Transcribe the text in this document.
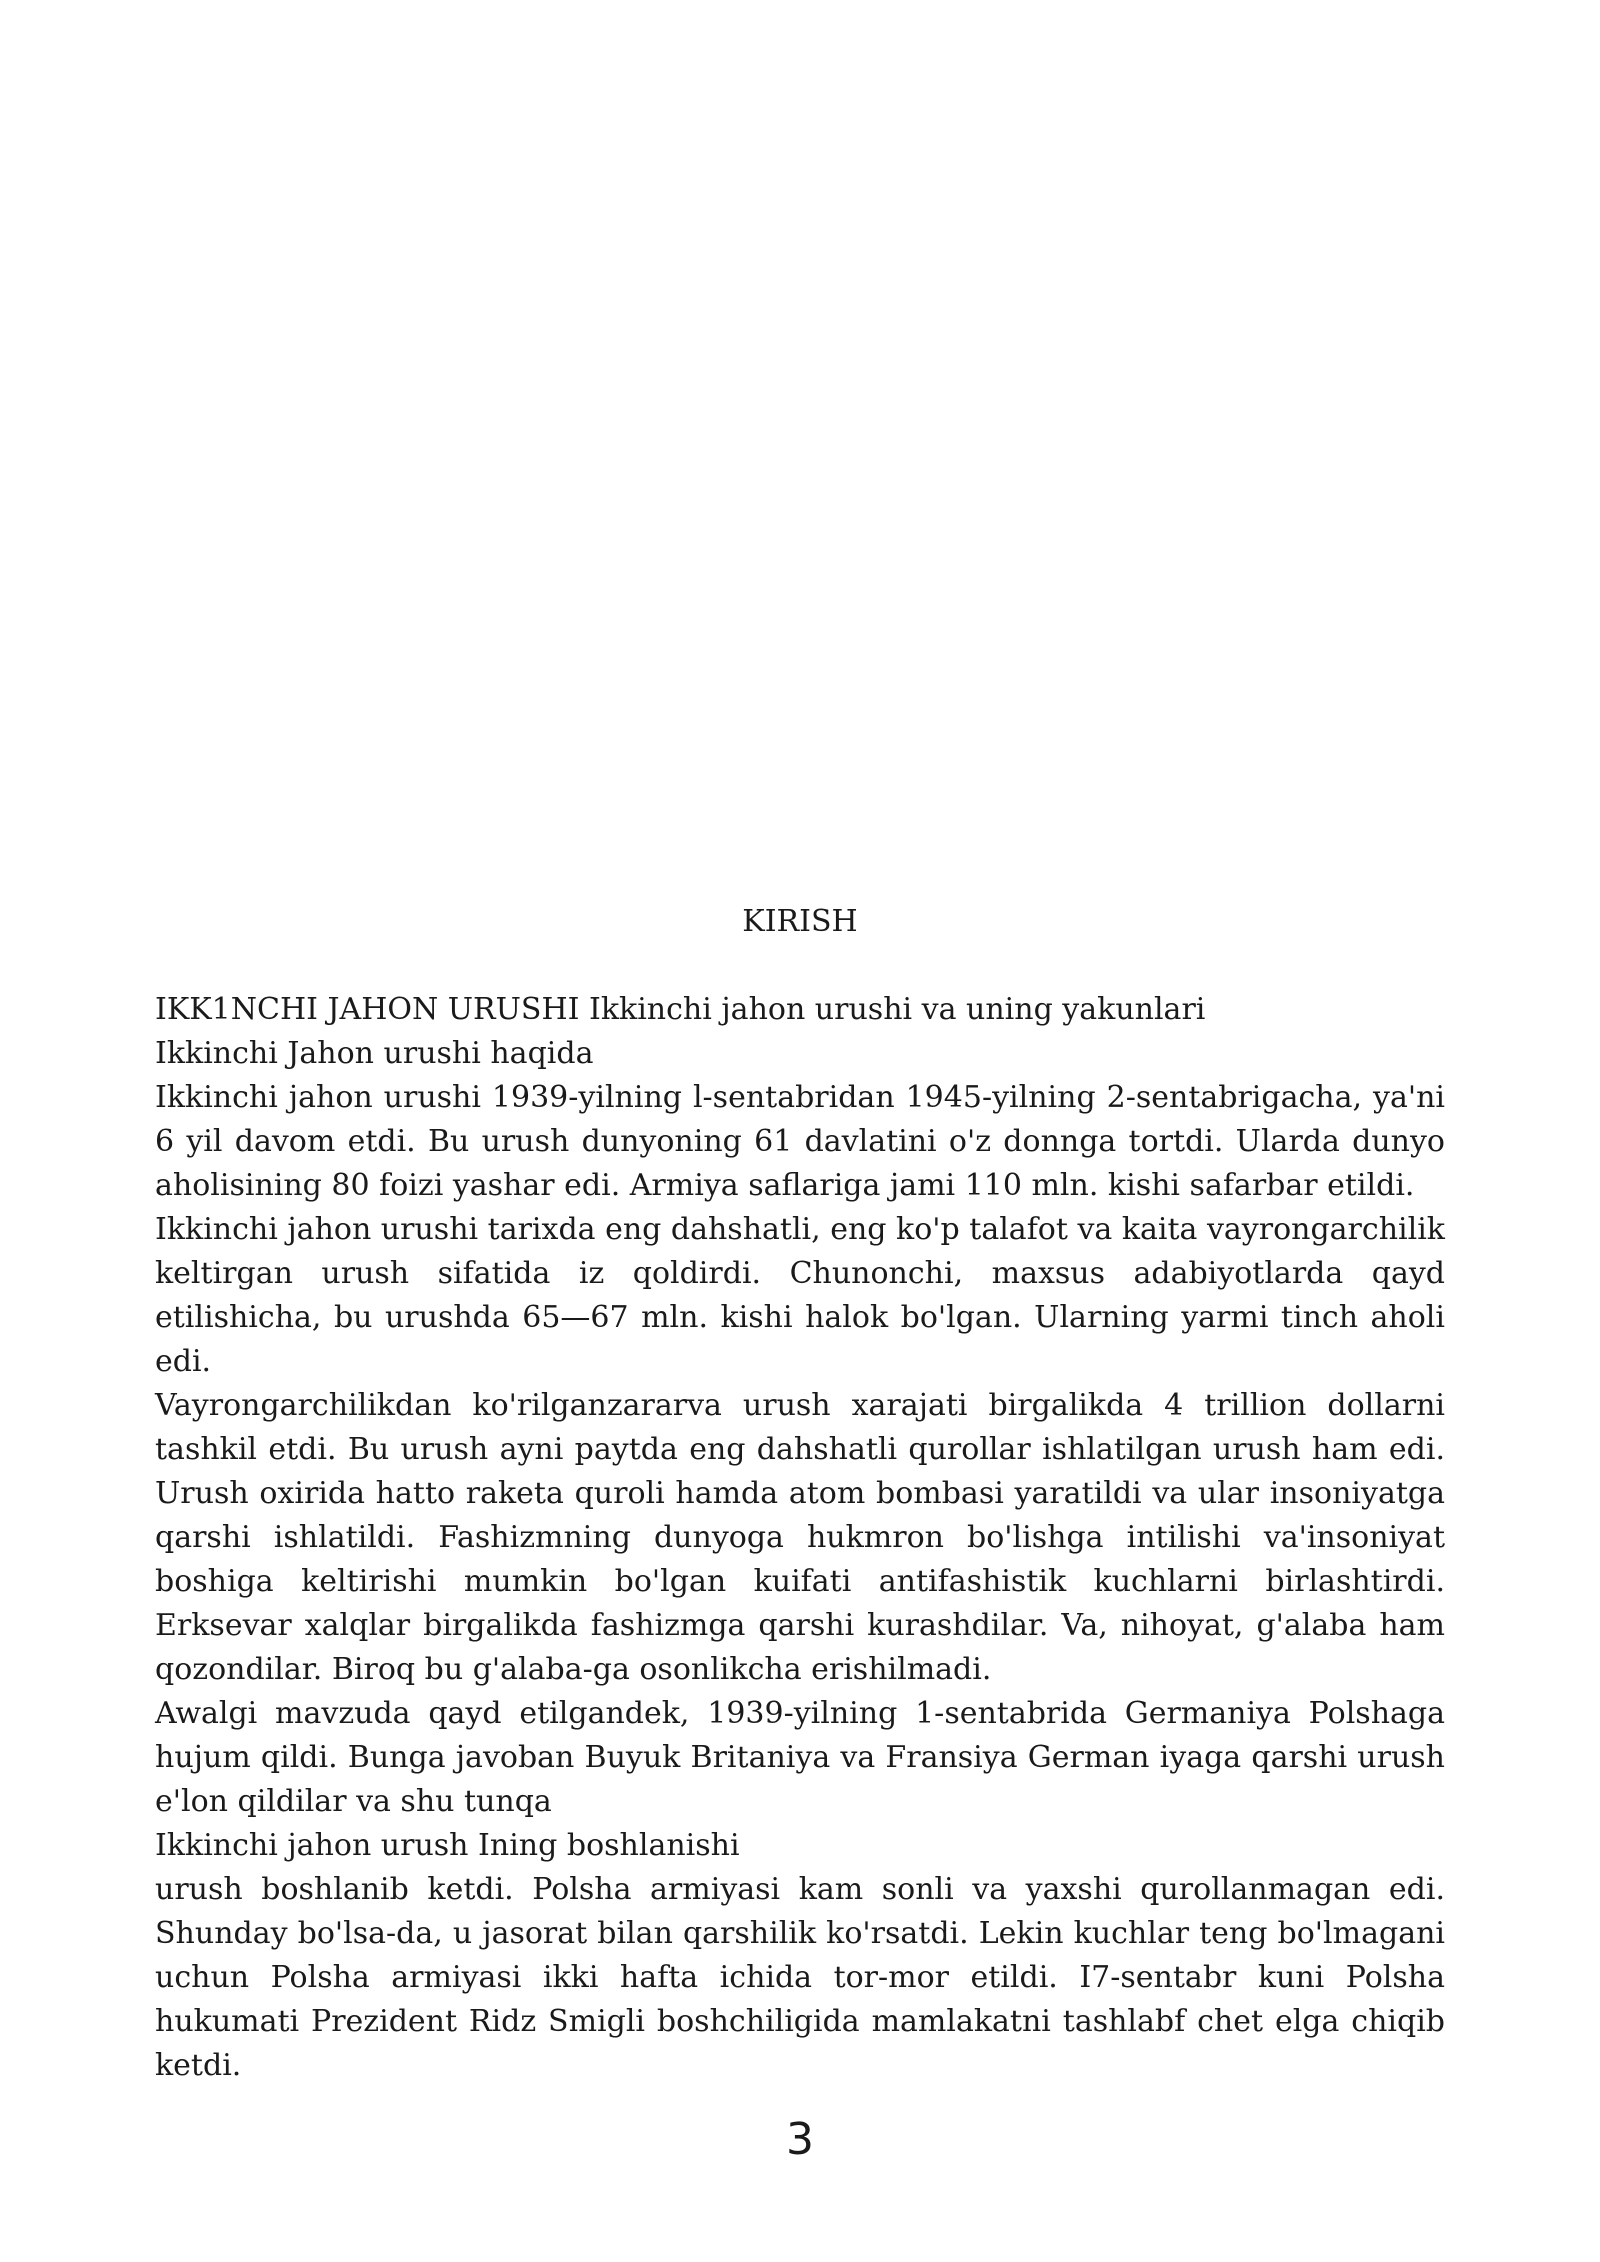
KIRISH

IKK1NCHI JAHON URUSHI Ikkinchi jahon urushi va uning yakunlari

Ikkinchi Jahon urushi haqida

Ikkinchi jahon urushi 1939-yilning l-sentabridan 1945-yilning 2-sentabrigacha, ya'ni 6 yil davom etdi. Bu urush dunyoning 61 davlatini o'z donnga tortdi. Ularda dunyo aholisining 80 foizi yashar edi. Armiya saflariga jami 110 mln. kishi safarbar etildi.

Ikkinchi jahon urushi tarixda eng dahshatli, eng ko'p talafot va kaita vayrongarchilik keltirgan urush sifatida iz qoldirdi. Chunonchi, maxsus adabiyotlarda qayd etilishicha, bu urushda 65—67 mln. kishi halok bo'lgan. Ularning yarmi tinch aholi edi.

Vayrongarchilikdan ko'rilganzararva urush xarajati birgalikda 4 trillion dollarni tashkil etdi. Bu urush ayni paytda eng dahshatli qurollar ishlatilgan urush ham edi. Urush oxirida hatto raketa quroli hamda atom bombasi yaratildi va ular insoniyatga qarshi ishlatildi. Fashizmning dunyoga hukmron bo'lishga intilishi va'insoniyat boshiga keltirishi mumkin bo'lgan kuifati antifashistik kuchlarni birlashtirdi. Erksevar xalqlar birgalikda fashizmga qarshi kurashdilar. Va, nihoyat, g'alaba ham qozondilar. Biroq bu g'alaba-ga osonlikcha erishilmadi.

Awalgi mavzuda qayd etilgandek, 1939-yilning 1-sentabrida Germaniya Polshaga hujum qildi. Bunga javoban Buyuk Britaniya va Fransiya German iyaga qarshi urush e'lon qildilar va shu tunqa

Ikkinchi jahon urush Ining boshlanishi

urush boshlanib ketdi. Polsha armiyasi kam sonli va yaxshi qurollanmagan edi. Shunday bo'lsa-da, u jasorat bilan qarshilik ko'rsatdi. Lekin kuchlar teng bo'lmagani uchun Polsha armiyasi ikki hafta ichida tor-mor etildi. I7-sentabr kuni Polsha hukumati Prezident Ridz Smigli boshchiligida mamlakatni tashlabf chet elga chiqib ketdi.

3
